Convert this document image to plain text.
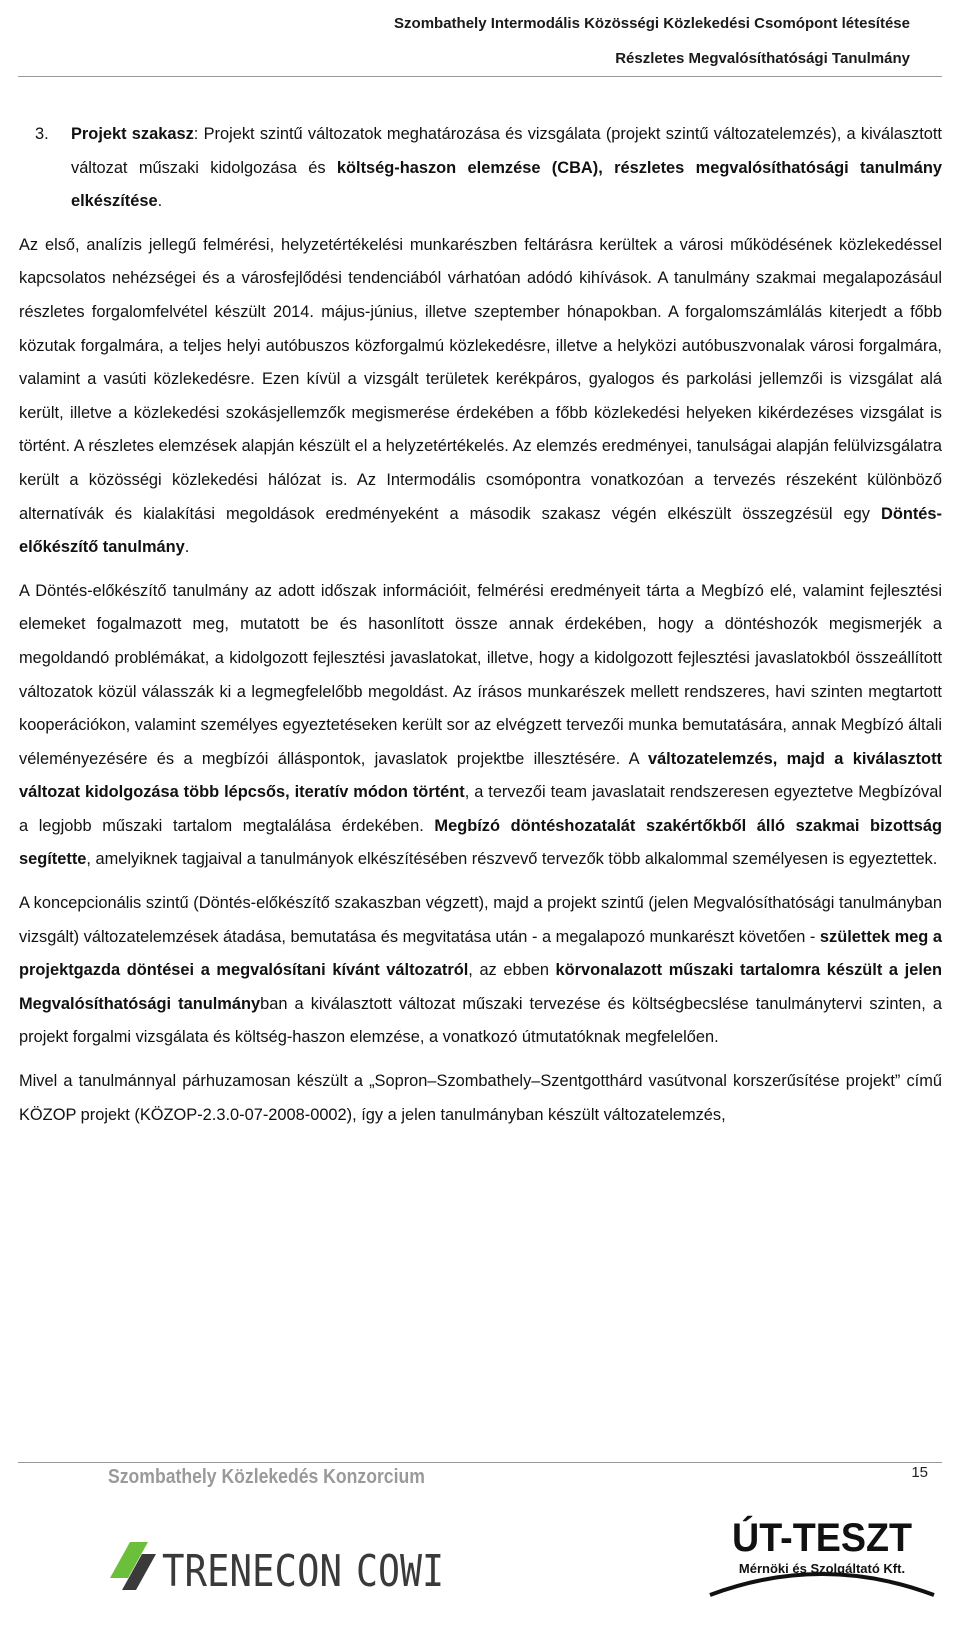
Szombathely Intermodális Közösségi Közlekedési Csomópont létesítése
Részletes Megvalósíthatósági Tanulmány
3.	Projekt szakasz: Projekt szintű változatok meghatározása és vizsgálata (projekt szintű változatelemzés), a kiválasztott változat műszaki kidolgozása és költség-haszon elemzése (CBA), részletes megvalósíthatósági tanulmány elkészítése.

Az első, analízis jellegű felmérési, helyzetértékelési munkarészben feltárásra kerültek a városi működésének közlekedéssel kapcsolatos nehézségei és a városfejlődési tendenciából várhatóan adódó kihívások. A tanulmány szakmai megalapozásául részletes forgalomfelvétel készült 2014. május-június, illetve szeptember hónapokban. A forgalomszámlálás kiterjedt a főbb közutak forgalmára, a teljes helyi autóbuszos közforgalmú közlekedésre, illetve a helyközi autóbuszvonalak városi forgalmára, valamint a vasúti közlekedésre. Ezen kívül a vizsgált területek kerékpáros, gyalogos és parkolási jellemzői is vizsgálat alá került, illetve a közlekedési szokásjellemzők megismerése érdekében a főbb közlekedési helyeken kikérdezéses vizsgálat is történt. A részletes elemzések alapján készült el a helyzetértékelés. Az elemzés eredményei, tanulságai alapján felülvizsgálatra került a közösségi közlekedési hálózat is. Az Intermodális csomópontra vonatkozóan a tervezés részeként különböző alternatívák és kialakítási megoldások eredményeként a második szakasz végén elkészült összegzésül egy Döntés-előkészítő tanulmány.

A Döntés-előkészítő tanulmány az adott időszak információit, felmérési eredményeit tárta a Megbízó elé, valamint fejlesztési elemeket fogalmazott meg, mutatott be és hasonlított össze annak érdekében, hogy a döntéshozók megismerjék a megoldandó problémákat, a kidolgozott fejlesztési javaslatokat, illetve, hogy a kidolgozott fejlesztési javaslatokból összeállított változatok közül válasszák ki a legmegfelelőbb megoldást. Az írásos munkarészek mellett rendszeres, havi szinten megtartott kooperációkon, valamint személyes egyeztetéseken került sor az elvégzett tervezői munka bemutatására, annak Megbízó általi véleményezésére és a megbízói álláspontok, javaslatok projektbe illesztésére. A változatelemzés, majd a kiválasztott változat kidolgozása több lépcsős, iteratív módon történt, a tervezői team javaslatait rendszeresen egyeztetve Megbízóval a legjobb műszaki tartalom megtalálása érdekében. Megbízó döntéshozatalát szakértőkből álló szakmai bizottság segítette, amelyiknek tagjaival a tanulmányok elkészítésében részvevő tervezők több alkalommal személyesen is egyeztettek.

A koncepcionális szintű (Döntés-előkészítő szakaszban végzett), majd a projekt szintű (jelen Megvalósíthatósági tanulmányban vizsgált) változatelemzések átadása, bemutatása és megvitatása után - a megalapozó munkarészt követően - születtek meg a projektgazda döntései a megvalósítani kívánt változatról, az ebben körvonalazott műszaki tartalomra készült a jelen Megvalósíthatósági tanulmányban a kiválasztott változat műszaki tervezése és költségbecslése tanulmánytervi szinten, a projekt forgalmi vizsgálata és költség-haszon elemzése, a vonatkozó útmutatóknak megfelelően.

Mivel a tanulmánnyal párhuzamosan készült a „Sopron–Szombathely–Szentgotthárd vasútvonal korszerűsítése projekt” című KÖZOP projekt (KÖZOP-2.3.0-07-2008-0002), így a jelen tanulmányban készült változatelemzés,

Szombathely Közlekedés Konzorcium	15
TRENECON COWI
ÚT-TESZT
Mérnöki és Szolgáltató Kft.
